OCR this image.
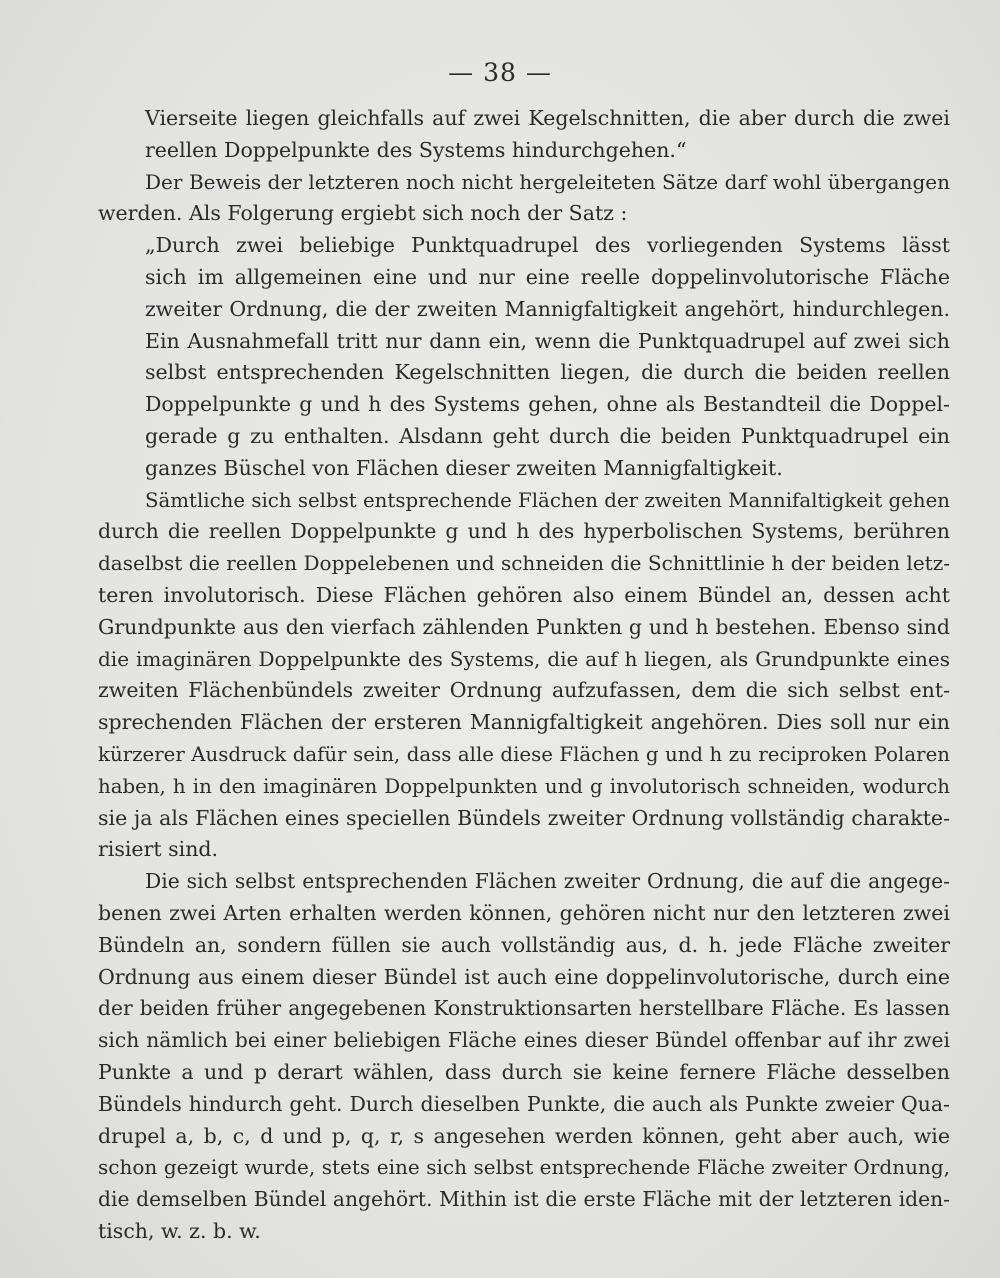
— 38 —
Vierseite liegen gleichfalls auf zwei Kegelschnitten, die aber durch die zwei
reellen Doppelpunkte des Systems hindurchgehen.“
Der Beweis der letzteren noch nicht hergeleiteten Sätze darf wohl übergangen
werden. Als Folgerung ergiebt sich noch der Satz :
„Durch zwei beliebige Punktquadrupel des vorliegenden Systems lässt
sich im allgemeinen eine und nur eine reelle doppelinvolutorische Fläche
zweiter Ordnung, die der zweiten Mannigfaltigkeit angehört, hindurchlegen.
Ein Ausnahmefall tritt nur dann ein, wenn die Punktquadrupel auf zwei sich
selbst entsprechenden Kegelschnitten liegen, die durch die beiden reellen
Doppelpunkte g und h des Systems gehen, ohne als Bestandteil die Doppel-
gerade g zu enthalten. Alsdann geht durch die beiden Punktquadrupel ein
ganzes Büschel von Flächen dieser zweiten Mannigfaltigkeit.
Sämtliche sich selbst entsprechende Flächen der zweiten Mannifaltigkeit gehen
durch die reellen Doppelpunkte g und h des hyperbolischen Systems, berühren
daselbst die reellen Doppelebenen und schneiden die Schnittlinie h der beiden letz-
teren involutorisch. Diese Flächen gehören also einem Bündel an, dessen acht
Grundpunkte aus den vierfach zählenden Punkten g und h bestehen. Ebenso sind
die imaginären Doppelpunkte des Systems, die auf h liegen, als Grundpunkte eines
zweiten Flächenbündels zweiter Ordnung aufzufassen, dem die sich selbst ent-
sprechenden Flächen der ersteren Mannigfaltigkeit angehören. Dies soll nur ein
kürzerer Ausdruck dafür sein, dass alle diese Flächen g und h zu reciproken Polaren
haben, h in den imaginären Doppelpunkten und g involutorisch schneiden, wodurch
sie ja als Flächen eines speciellen Bündels zweiter Ordnung vollständig charakte-
risiert sind.
Die sich selbst entsprechenden Flächen zweiter Ordnung, die auf die angege-
benen zwei Arten erhalten werden können, gehören nicht nur den letzteren zwei
Bündeln an, sondern füllen sie auch vollständig aus, d. h. jede Fläche zweiter
Ordnung aus einem dieser Bündel ist auch eine doppelinvolutorische, durch eine
der beiden früher angegebenen Konstruktionsarten herstellbare Fläche. Es lassen
sich nämlich bei einer beliebigen Fläche eines dieser Bündel offenbar auf ihr zwei
Punkte a und p derart wählen, dass durch sie keine fernere Fläche desselben
Bündels hindurch geht. Durch dieselben Punkte, die auch als Punkte zweier Qua-
drupel a, b, c, d und p, q, r, s angesehen werden können, geht aber auch, wie
schon gezeigt wurde, stets eine sich selbst entsprechende Fläche zweiter Ordnung,
die demselben Bündel angehört. Mithin ist die erste Fläche mit der letzteren iden-
tisch, w. z. b. w.
